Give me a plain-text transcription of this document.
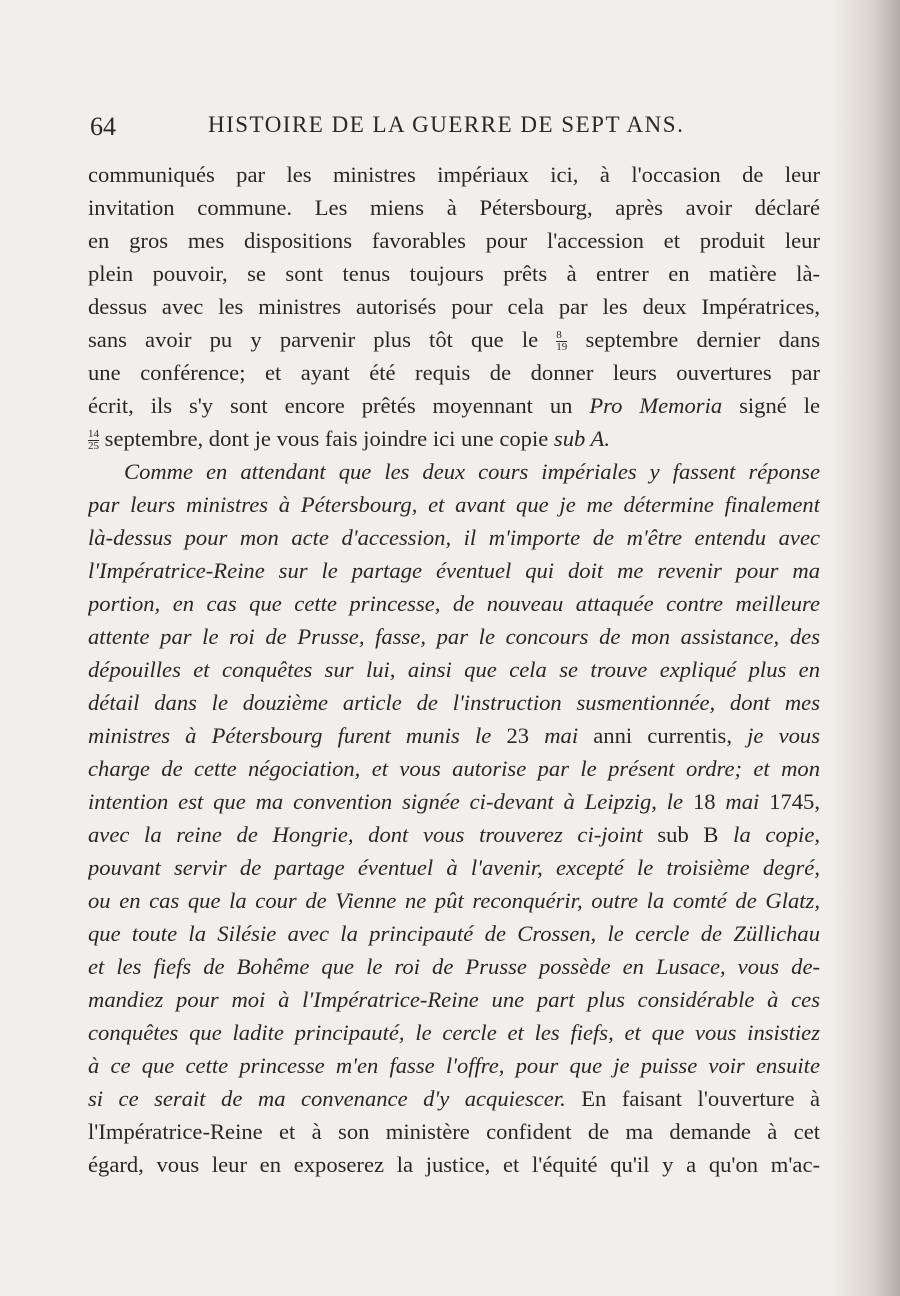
64	HISTOIRE DE LA GUERRE DE SEPT ANS.
communiqués par les ministres impériaux ici, à l'occasion de leur
invitation commune. Les miens à Pétersbourg, après avoir déclaré
en gros mes dispositions favorables pour l'accession et produit leur
plein pouvoir, se sont tenus toujours prêts à entrer en matière là-
dessus avec les ministres autorisés pour cela par les deux Impératrices,
sans avoir pu y parvenir plus tôt que le $\frac{8}{19}$ septembre dernier dans
une conférence; et ayant été requis de donner leurs ouvertures par
écrit, ils s'y sont encore prêtés moyennant un Pro Memoria signé le
$\frac{14}{25}$ septembre, dont je vous fais joindre ici une copie sub A.
Comme en attendant que les deux cours impériales y fassent réponse
par leurs ministres à Pétersbourg, et avant que je me détermine finalement
là-dessus pour mon acte d'accession, il m'importe de m'être entendu avec
l'Impératrice-Reine sur le partage éventuel qui doit me revenir pour ma
portion, en cas que cette princesse, de nouveau attaquée contre meilleure
attente par le roi de Prusse, fasse, par le concours de mon assistance, des
dépouilles et conquêtes sur lui, ainsi que cela se trouve expliqué plus en
détail dans le douzième article de l'instruction susmentionnée, dont mes
ministres à Pétersbourg furent munis le 23 mai anni currentis, je vous
charge de cette négociation, et vous autorise par le présent ordre; et mon
intention est que ma convention signée ci-devant à Leipzig, le 18 mai 1745,
avec la reine de Hongrie, dont vous trouverez ci-joint sub B la copie,
pouvant servir de partage éventuel à l'avenir, excepté le troisième degré,
ou en cas que la cour de Vienne ne pût reconquérir, outre la comté de Glatz,
que toute la Silésie avec la principauté de Crossen, le cercle de Züllichau
et les fiefs de Bohême que le roi de Prusse possède en Lusace, vous de-
mandiez pour moi à l'Impératrice-Reine une part plus considérable à ces
conquêtes que ladite principauté, le cercle et les fiefs, et que vous insistiez
à ce que cette princesse m'en fasse l'offre, pour que je puisse voir ensuite
si ce serait de ma convenance d'y acquiescer. En faisant l'ouverture à
l'Impératrice-Reine et à son ministère confident de ma demande à cet
égard, vous leur en exposerez la justice, et l'équité qu'il y a qu'on m'ac-
